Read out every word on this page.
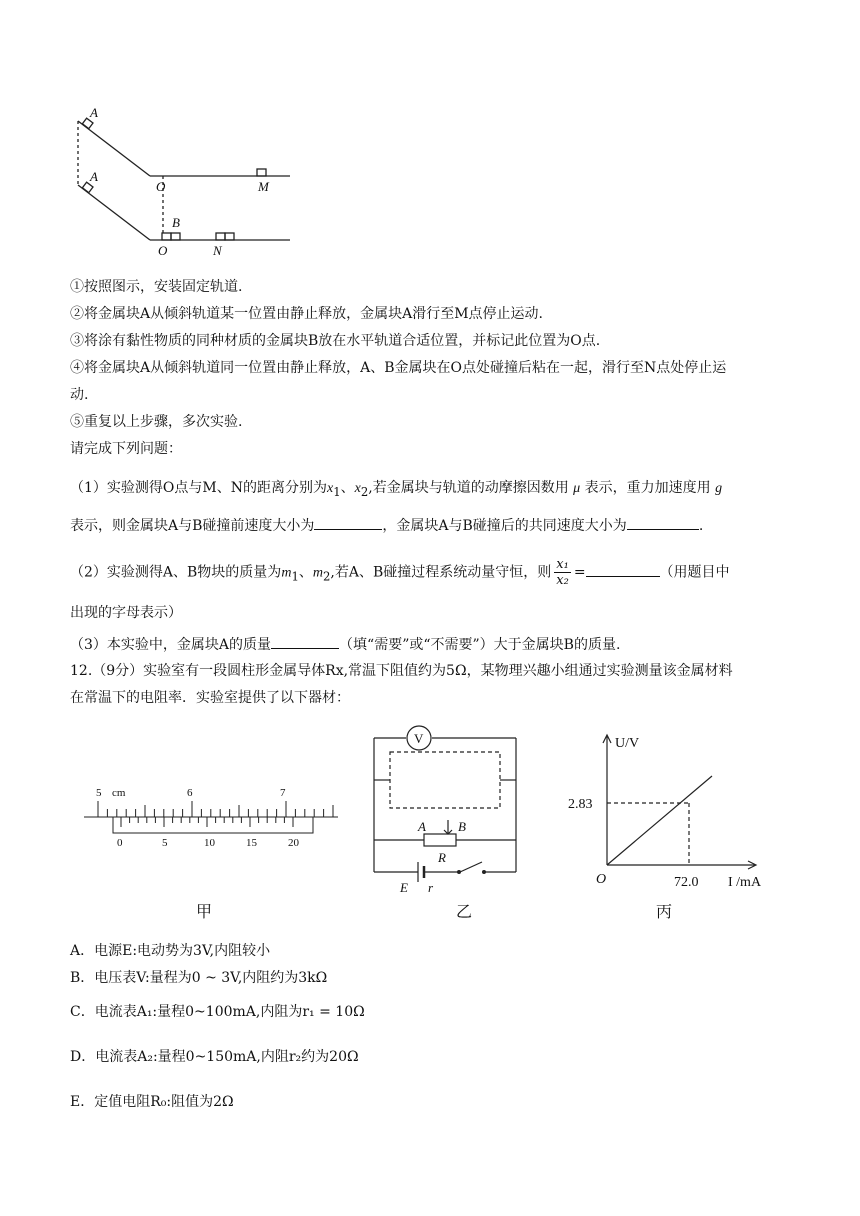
A
A
O	M
B
O	N
①按照图示，安装固定轨道.
②将金属块A从倾斜轨道某一位置由静止释放，金属块A滑行至M点停止运动.
③将涂有黏性物质的同种材质的金属块B放在水平轨道合适位置，并标记此位置为O点.
④将金属块A从倾斜轨道同一位置由静止释放，A、B金属块在O点处碰撞后粘在一起，滑行至N点处停止运
动.
⑤重复以上步骤，多次实验.
请完成下列问题：
（1）实验测得O点与M、N的距离分别为$x_1$、$x_2$,若金属块与轨道的动摩擦因数用 μ 表示，重力加速度用 g
表示，则金属块A与B碰撞前速度大小为	，金属块A与B碰撞后的共同速度大小为	.
（2）实验测得A、B物块的质量为$m_1$、$m_2$,若A、B碰撞过程系统动量守恒，则 $\frac{\text{x₁}}{\text{x₂}}$ =	（用题目中
出现的字母表示）
（3）本实验中，金属块A的质量	（填“需要”或“不需要”）大于金属块B的质量.
12.（9分）实验室有一段圆柱形金属导体Rx,常温下阻值约为5Ω，某物理兴趣小组通过实验测量该金属材料
在常温下的电阻率．实验室提供了以下器材：
5 cm	6	7
0	5	10	15	20
甲
V
A B
R
E r
乙
U/V
I /mA
O
2.83
72.0
丙
A．电源E:电动势为3V,内阻较小
B．电压表V:量程为0 ~ 3V,内阻约为3kΩ
C．电流表A₁:量程0~100mA,内阻为r₁ = 10Ω
D．电流表A₂:量程0~150mA,内阻r₂约为20Ω
E．定值电阻R₀:阻值为2Ω
